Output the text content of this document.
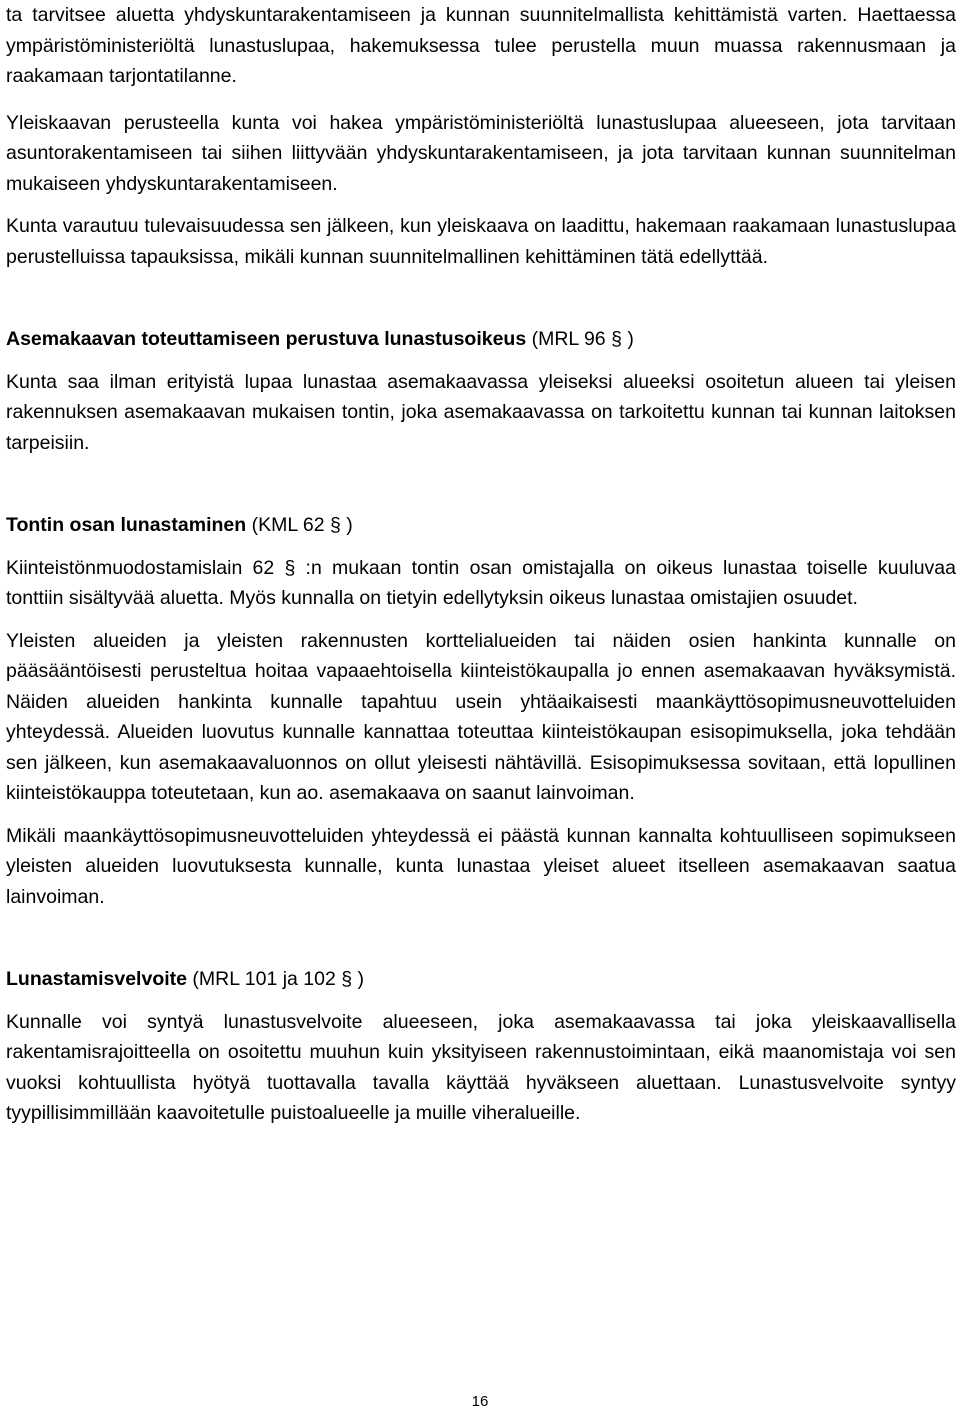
ta tarvitsee aluetta yhdyskuntarakentamiseen ja kunnan suunnitelmallista kehittämistä varten. Haettaessa ympäristöministeriöltä lunastuslupaa, hakemuksessa tulee perustella muun muassa rakennusmaan ja raakamaan tarjontatilanne.

Yleiskaavan perusteella kunta voi hakea ympäristöministeriöltä lunastuslupaa alueeseen, jota tarvitaan asuntorakentamiseen tai siihen liittyvään yhdyskuntarakentamiseen, ja jota tarvitaan kunnan suunnitelman mukaiseen yhdyskuntarakentamiseen.

Kunta varautuu tulevaisuudessa sen jälkeen, kun yleiskaava on laadittu, hakemaan raakamaan lunastuslupaa perustelluissa tapauksissa, mikäli kunnan suunnitelmallinen kehittäminen tätä edellyttää.

Asemakaavan toteuttamiseen perustuva lunastusoikeus (MRL 96 § )

Kunta saa ilman erityistä lupaa lunastaa asemakaavassa yleiseksi alueeksi osoitetun alueen tai yleisen rakennuksen asemakaavan mukaisen tontin, joka asemakaavassa on tarkoitettu kunnan tai kunnan laitoksen tarpeisiin.

Tontin osan lunastaminen (KML 62 § )

Kiinteistönmuodostamislain 62 § :n mukaan tontin osan omistajalla on oikeus lunastaa toiselle kuuluvaa tonttiin sisältyvää aluetta. Myös kunnalla on tietyin edellytyksin oikeus lunastaa omistajien osuudet.

Yleisten alueiden ja yleisten rakennusten korttelialueiden tai näiden osien hankinta kunnalle on pääsääntöisesti perusteltua hoitaa vapaaehtoisella kiinteistökaupalla jo ennen asemakaavan hyväksymistä. Näiden alueiden hankinta kunnalle tapahtuu usein yhtäaikaisesti maankäyttösopimusneuvotteluiden yhteydessä. Alueiden luovutus kunnalle kannattaa toteuttaa kiinteistökaupan esisopimuksella, joka tehdään sen jälkeen, kun asemakaavaluonnos on ollut yleisesti nähtävillä. Esisopimuksessa sovitaan, että lopullinen kiinteistökauppa toteutetaan, kun ao. asemakaava on saanut lainvoiman.

Mikäli maankäyttösopimusneuvotteluiden yhteydessä ei päästä kunnan kannalta kohtuulliseen sopimukseen yleisten alueiden luovutuksesta kunnalle, kunta lunastaa yleiset alueet itselleen asemakaavan saatua lainvoiman.

Lunastamisvelvoite (MRL 101 ja 102 § )

Kunnalle voi syntyä lunastusvelvoite alueeseen, joka asemakaavassa tai joka yleiskaavallisella rakentamisrajoitteella on osoitettu muuhun kuin yksityiseen rakennustoimintaan, eikä maanomistaja voi sen vuoksi kohtuullista hyötyä tuottavalla tavalla käyttää hyväkseen aluettaan. Lunastusvelvoite syntyy tyypillisimmillään kaavoitetulle puistoalueelle ja muille viheralueille.

16
